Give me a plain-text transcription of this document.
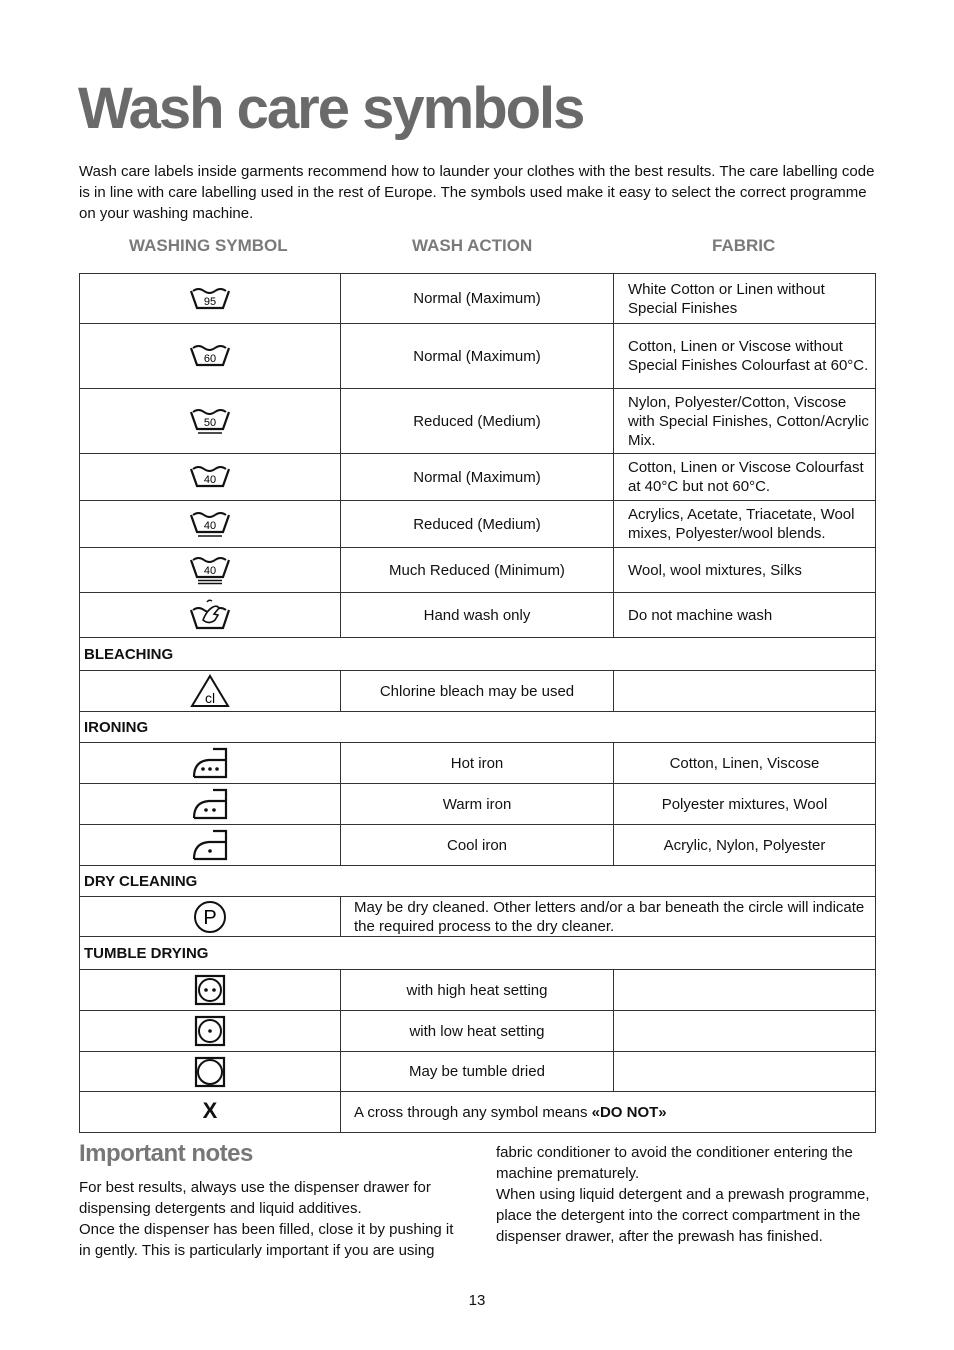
Wash care symbols

Wash care labels inside garments recommend how to launder your clothes with the best results. The care labelling code is in line with care labelling used in the rest of Europe. The symbols used make it easy to select the correct programme on your washing machine.

WASHING SYMBOL	WASH ACTION	FABRIC
95	Normal (Maximum)	White Cotton or Linen without Special Finishes

60	Normal (Maximum)	Cotton, Linen or Viscose without Special Finishes Colourfast at 60°C.

50	Reduced (Medium)	Nylon, Polyester/Cotton, Viscose with Special Finishes, Cotton/Acrylic Mix.

40	Normal (Maximum)	Cotton, Linen or Viscose Colourfast at 40°C but not 60°C.

40	Reduced (Medium)	Acrylics, Acetate, Triacetate, Wool mixes, Polyester/wool blends.

40	Much Reduced (Minimum)	Wool, wool mixtures, Silks

	Hand wash only	Do not machine wash
BLEACHING		

cl	Chlorine bleach may be used	
IRONING		

	Hot iron	Cotton, Linen, Viscose

	Warm iron	Polyester mixtures, Wool

	Cool iron	Acrylic, Nylon, Polyester
DRY CLEANING		

P	May be dry cleaned. Other letters and/or a bar beneath the circle will indicate the required process to the dry cleaner.	
TUMBLE DRYING		

	with high heat setting	

	with low heat setting	

	May be tumble dried	
X	A cross through any symbol means «DO NOT»	
Important notes

For best results, always use the dispenser drawer for dispensing detergents and liquid additives.

Once the dispenser has been filled, close it by pushing it in gently. This is particularly important if you are using

fabric conditioner to avoid the conditioner entering the machine prematurely.

When using liquid detergent and a prewash programme, place the detergent into the correct compartment in the dispenser drawer, after the prewash has finished.

13
